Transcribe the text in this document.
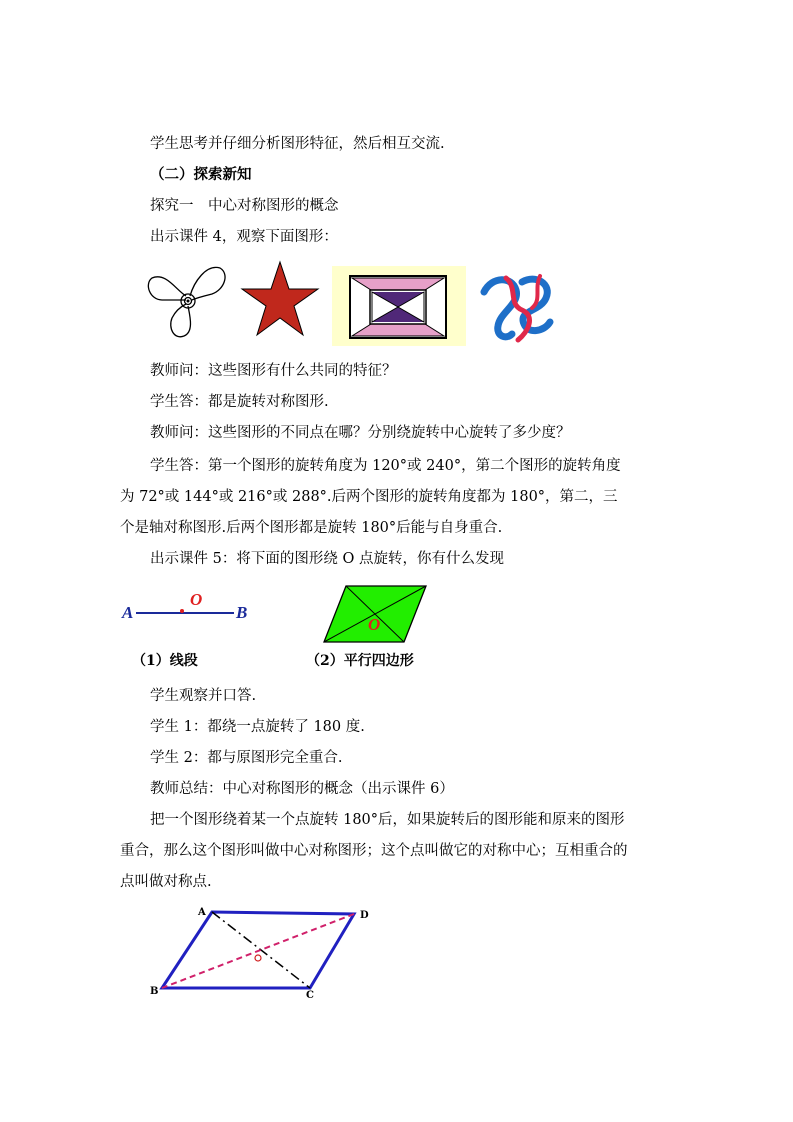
学生思考并仔细分析图形特征，然后相互交流.
（二）探索新知
探究一　中心对称图形的概念
出示课件 4，观察下面图形：
教师问：这些图形有什么共同的特征？
学生答：都是旋转对称图形.
教师问：这些图形的不同点在哪？分别绕旋转中心旋转了多少度？
学生答：第一个图形的旋转角度为 120°或 240°，第二个图形的旋转角度
为 72°或 144°或 216°或 288°.后两个图形的旋转角度都为 180°，第二，三
个是轴对称图形.后两个图形都是旋转 180°后能与自身重合.
出示课件 5：将下面的图形绕 O 点旋转，你有什么发现
A
O
B
（1）线段
O
（2）平行四边形
学生观察并口答.
学生 1：都绕一点旋转了 180 度.
学生 2：都与原图形完全重合.
教师总结：中心对称图形的概念（出示课件 6）
把一个图形绕着某一个点旋转 180°后，如果旋转后的图形能和原来的图形
重合，那么这个图形叫做中心对称图形；这个点叫做它的对称中心；互相重合的
点叫做对称点.
A	D
B	C
